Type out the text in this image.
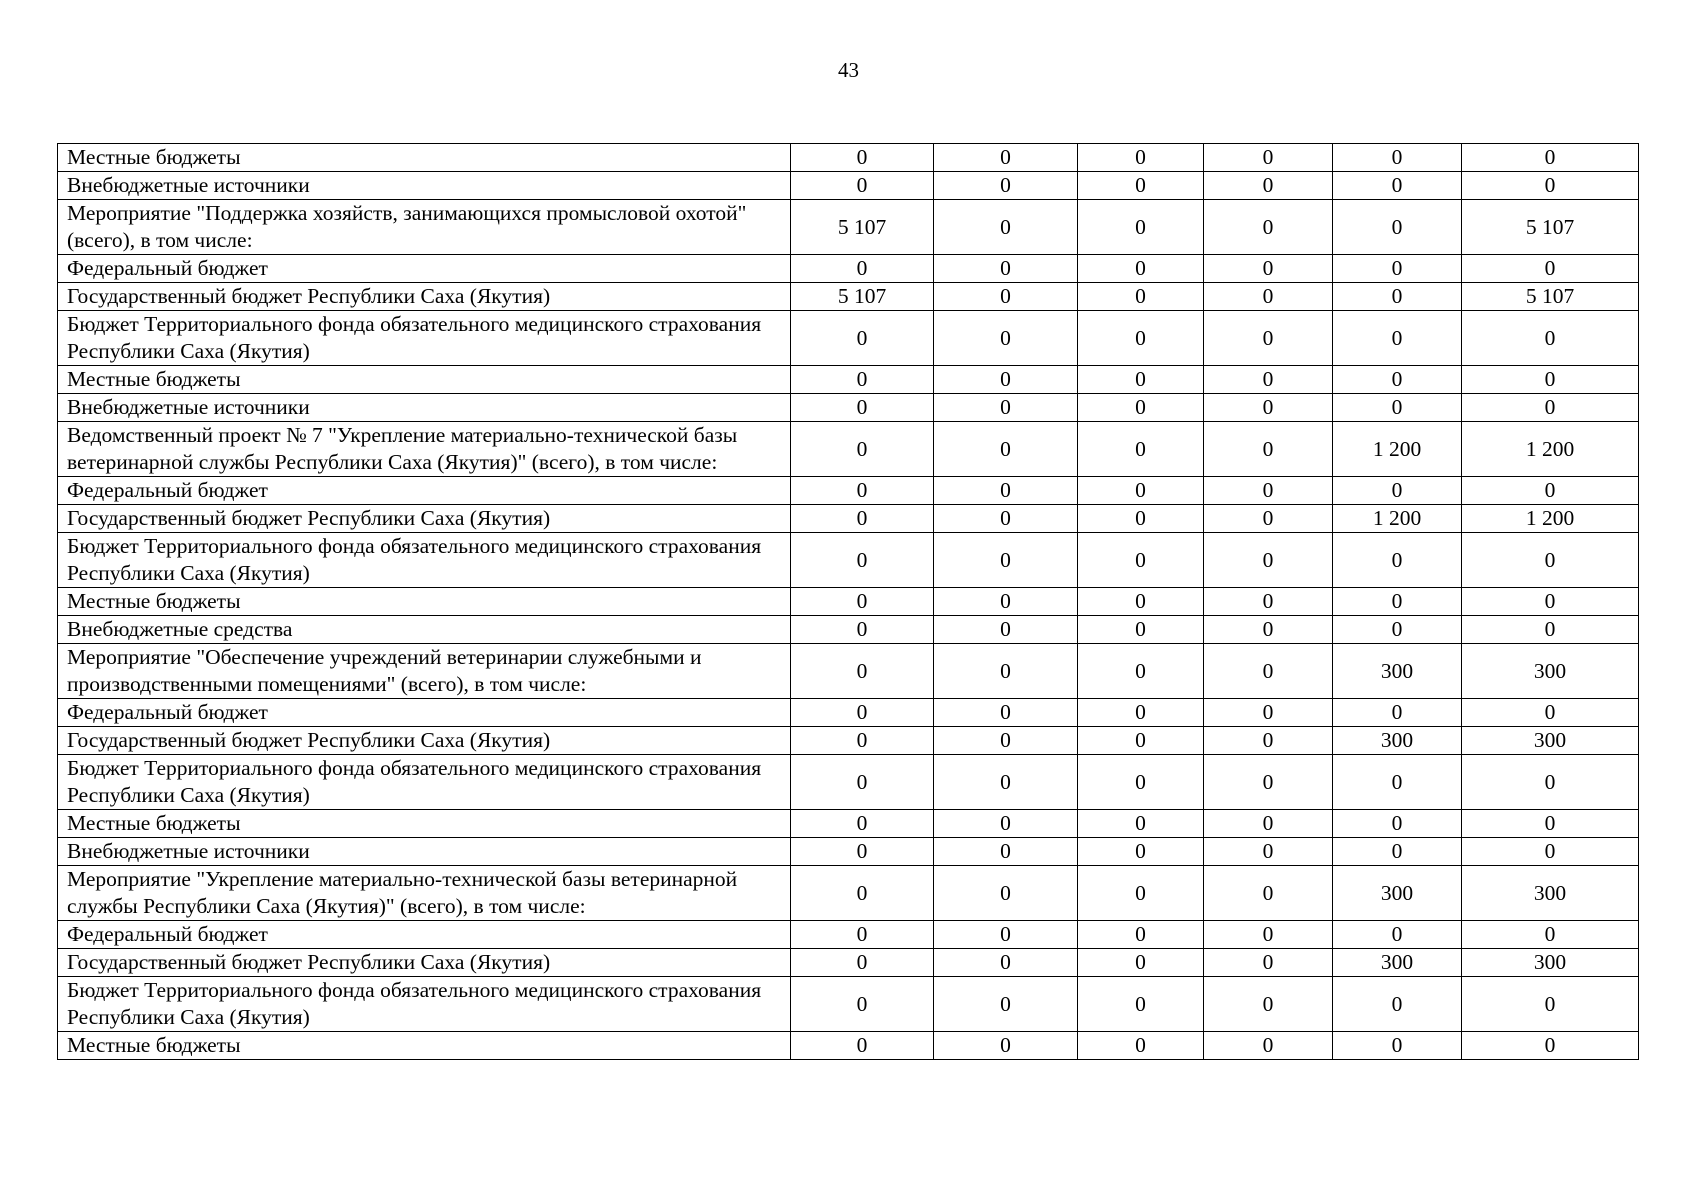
43
Местные бюджеты	0	0	0	0	0	0
Внебюджетные источники	0	0	0	0	0	0
Мероприятие "Поддержка хозяйств, занимающихся промысловой охотой" (всего), в том числе:	5 107	0	0	0	0	5 107
Федеральный бюджет	0	0	0	0	0	0
Государственный бюджет Республики Саха (Якутия)	5 107	0	0	0	0	5 107
Бюджет Территориального фонда обязательного медицинского страхования Республики Саха (Якутия)	0	0	0	0	0	0
Местные бюджеты	0	0	0	0	0	0
Внебюджетные источники	0	0	0	0	0	0
Ведомственный проект № 7 "Укрепление материально-технической базы ветеринарной службы Республики Саха (Якутия)" (всего), в том числе:	0	0	0	0	1 200	1 200
Федеральный бюджет	0	0	0	0	0	0
Государственный бюджет Республики Саха (Якутия)	0	0	0	0	1 200	1 200
Бюджет Территориального фонда обязательного медицинского страхования Республики Саха (Якутия)	0	0	0	0	0	0
Местные бюджеты	0	0	0	0	0	0
Внебюджетные средства	0	0	0	0	0	0
Мероприятие "Обеспечение учреждений ветеринарии служебными и производственными помещениями" (всего), в том числе:	0	0	0	0	300	300
Федеральный бюджет	0	0	0	0	0	0
Государственный бюджет Республики Саха (Якутия)	0	0	0	0	300	300
Бюджет Территориального фонда обязательного медицинского страхования Республики Саха (Якутия)	0	0	0	0	0	0
Местные бюджеты	0	0	0	0	0	0
Внебюджетные источники	0	0	0	0	0	0
Мероприятие "Укрепление материально-технической базы ветеринарной службы Республики Саха (Якутия)" (всего), в том числе:	0	0	0	0	300	300
Федеральный бюджет	0	0	0	0	0	0
Государственный бюджет Республики Саха (Якутия)	0	0	0	0	300	300
Бюджет Территориального фонда обязательного медицинского страхования Республики Саха (Якутия)	0	0	0	0	0	0
Местные бюджеты	0	0	0	0	0	0
